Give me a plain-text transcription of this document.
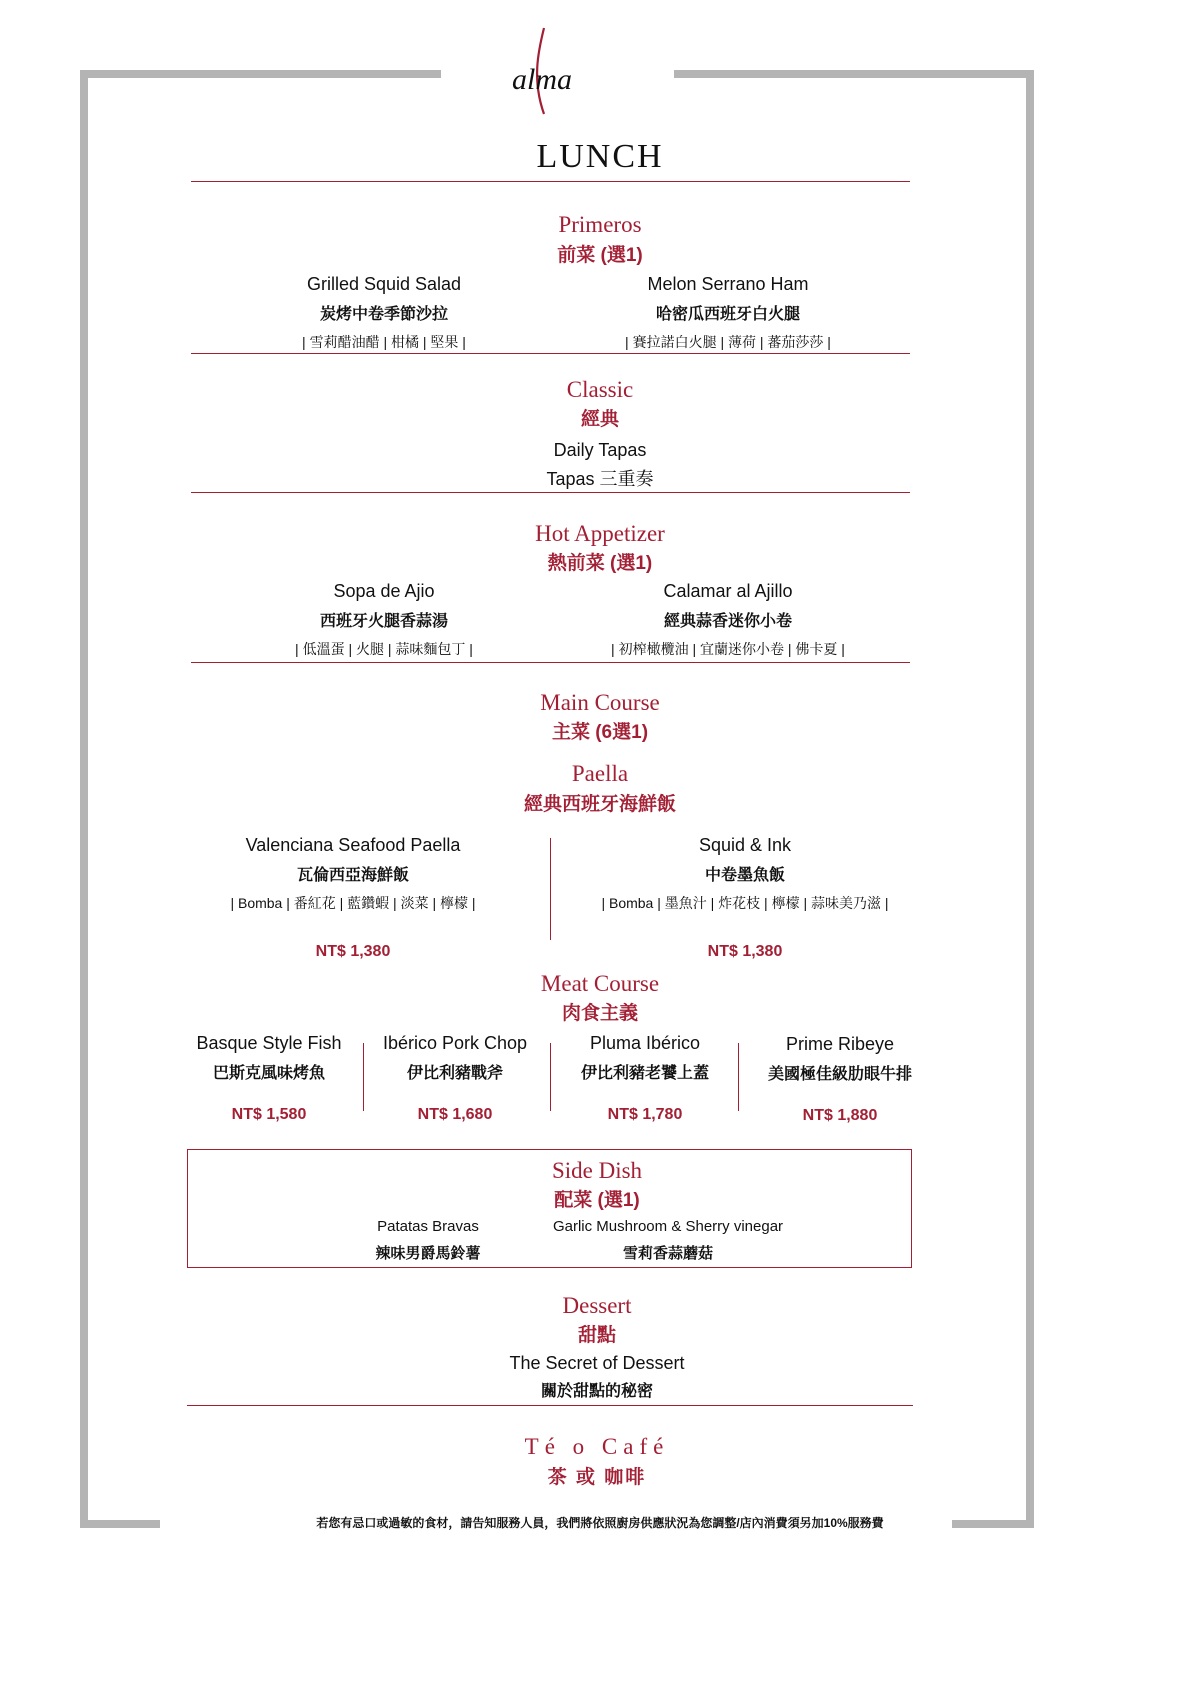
alma
LUNCH
Primeros
前菜 (選1)
Grilled Squid Salad
炭烤中卷季節沙拉
| 雪莉醋油醋 | 柑橘 | 堅果 |
Melon Serrano Ham
哈密瓜西班牙白火腿
| 賽拉諾白火腿 | 薄荷 | 蕃茄莎莎 |
Classic
經典
Daily Tapas
Tapas 三重奏
Hot Appetizer
熱前菜 (選1)
Sopa de Ajio
西班牙火腿香蒜湯
| 低溫蛋 | 火腿 | 蒜味麵包丁 |
Calamar al Ajillo
經典蒜香迷你小卷
| 初榨橄欖油 | 宜蘭迷你小卷 | 佛卡夏 |
Main Course
主菜 (6選1)
Paella
經典西班牙海鮮飯
Valenciana Seafood Paella
瓦倫西亞海鮮飯
| Bomba | 番紅花 | 藍鑽蝦 | 淡菜 | 檸檬 |
NT$ 1,380
Squid & Ink
中卷墨魚飯
| Bomba | 墨魚汁 | 炸花枝 | 檸檬 | 蒜味美乃滋 |
NT$ 1,380
Meat Course
肉食主義
Basque Style Fish
巴斯克風味烤魚
NT$ 1,580
Ibérico Pork Chop
伊比利豬戰斧
NT$ 1,680
Pluma Ibérico
伊比利豬老饕上蓋
NT$ 1,780
Prime Ribeye
美國極佳級肋眼牛排
NT$ 1,880
Side Dish
配菜 (選1)
Patatas Bravas
辣味男爵馬鈴薯
Garlic Mushroom & Sherry vinegar
雪莉香蒜蘑菇
Dessert
甜點
The Secret of Dessert
關於甜點的秘密
Té o Café
茶 或 咖啡
若您有忌口或過敏的食材，請告知服務人員，我們將依照廚房供應狀況為您調整/店內消費須另加10%服務費
